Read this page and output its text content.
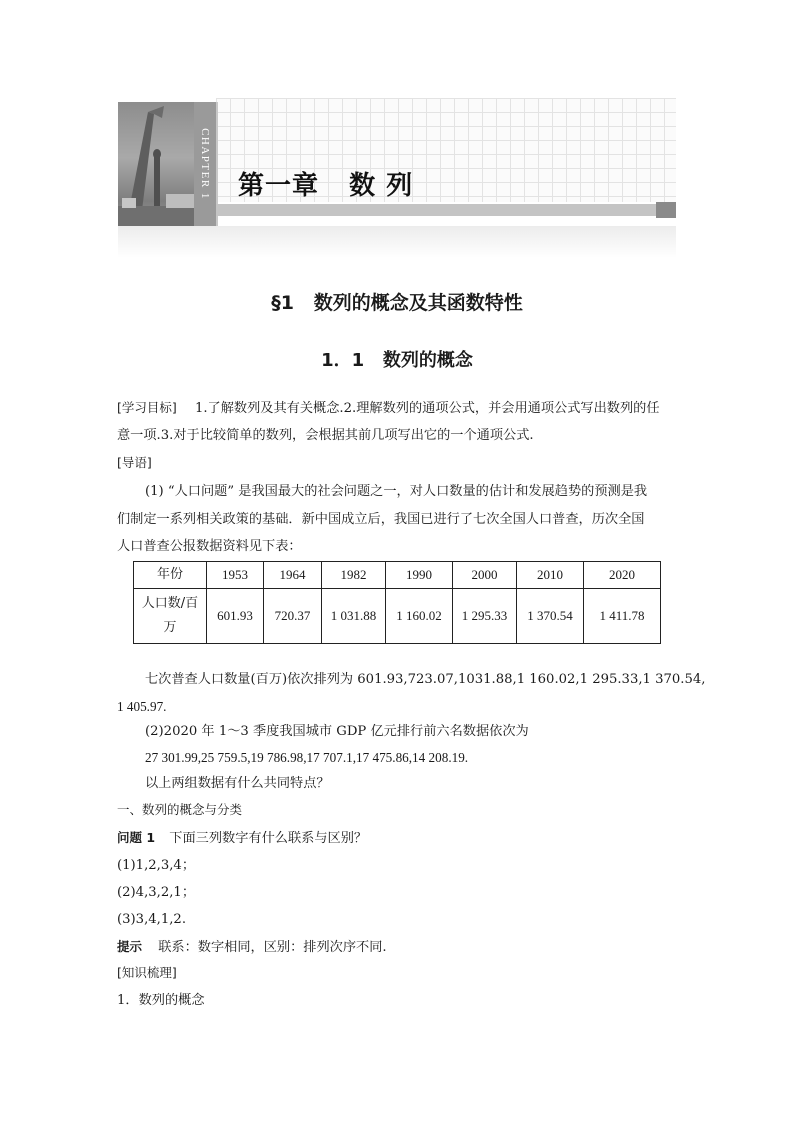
CHAPTER 1 第一章   数 列
§1   数列的概念及其函数特性
1．1   数列的概念
[学习目标] 1.了解数列及其有关概念.2.理解数列的通项公式，并会用通项公式写出数列的任
意一项.3.对于比较简单的数列，会根据其前几项写出它的一个通项公式.
[导语]
(1) “人口问题” 是我国最大的社会问题之一，对人口数量的估计和发展趋势的预测是我
们制定一系列相关政策的基础．新中国成立后，我国已进行了七次全国人口普查，历次全国
人口普查公报数据资料见下表：
年份	1953	1964	1982	1990	2000	2010	2020

人口数/百
万	601.93	720.37	1 031.88	1 160.02	1 295.33	1 370.54	1 411.78
七次普查人口数量(百万)依次排列为 601.93,723.07,1031.88,1 160.02,1 295.33,1 370.54,
1 405.97.
(2)2020 年 1～3 季度我国城市 GDP 亿元排行前六名数据依次为
27 301.99,25 759.5,19 786.98,17 707.1,17 475.86,14 208.19.
以上两组数据有什么共同特点？
一、数列的概念与分类
问题 1 下面三列数字有什么联系与区别？
(1)1,2,3,4；
(2)4,3,2,1；
(3)3,4,1,2.
提示 联系：数字相同，区别：排列次序不同.
[知识梳理]
1．数列的概念
